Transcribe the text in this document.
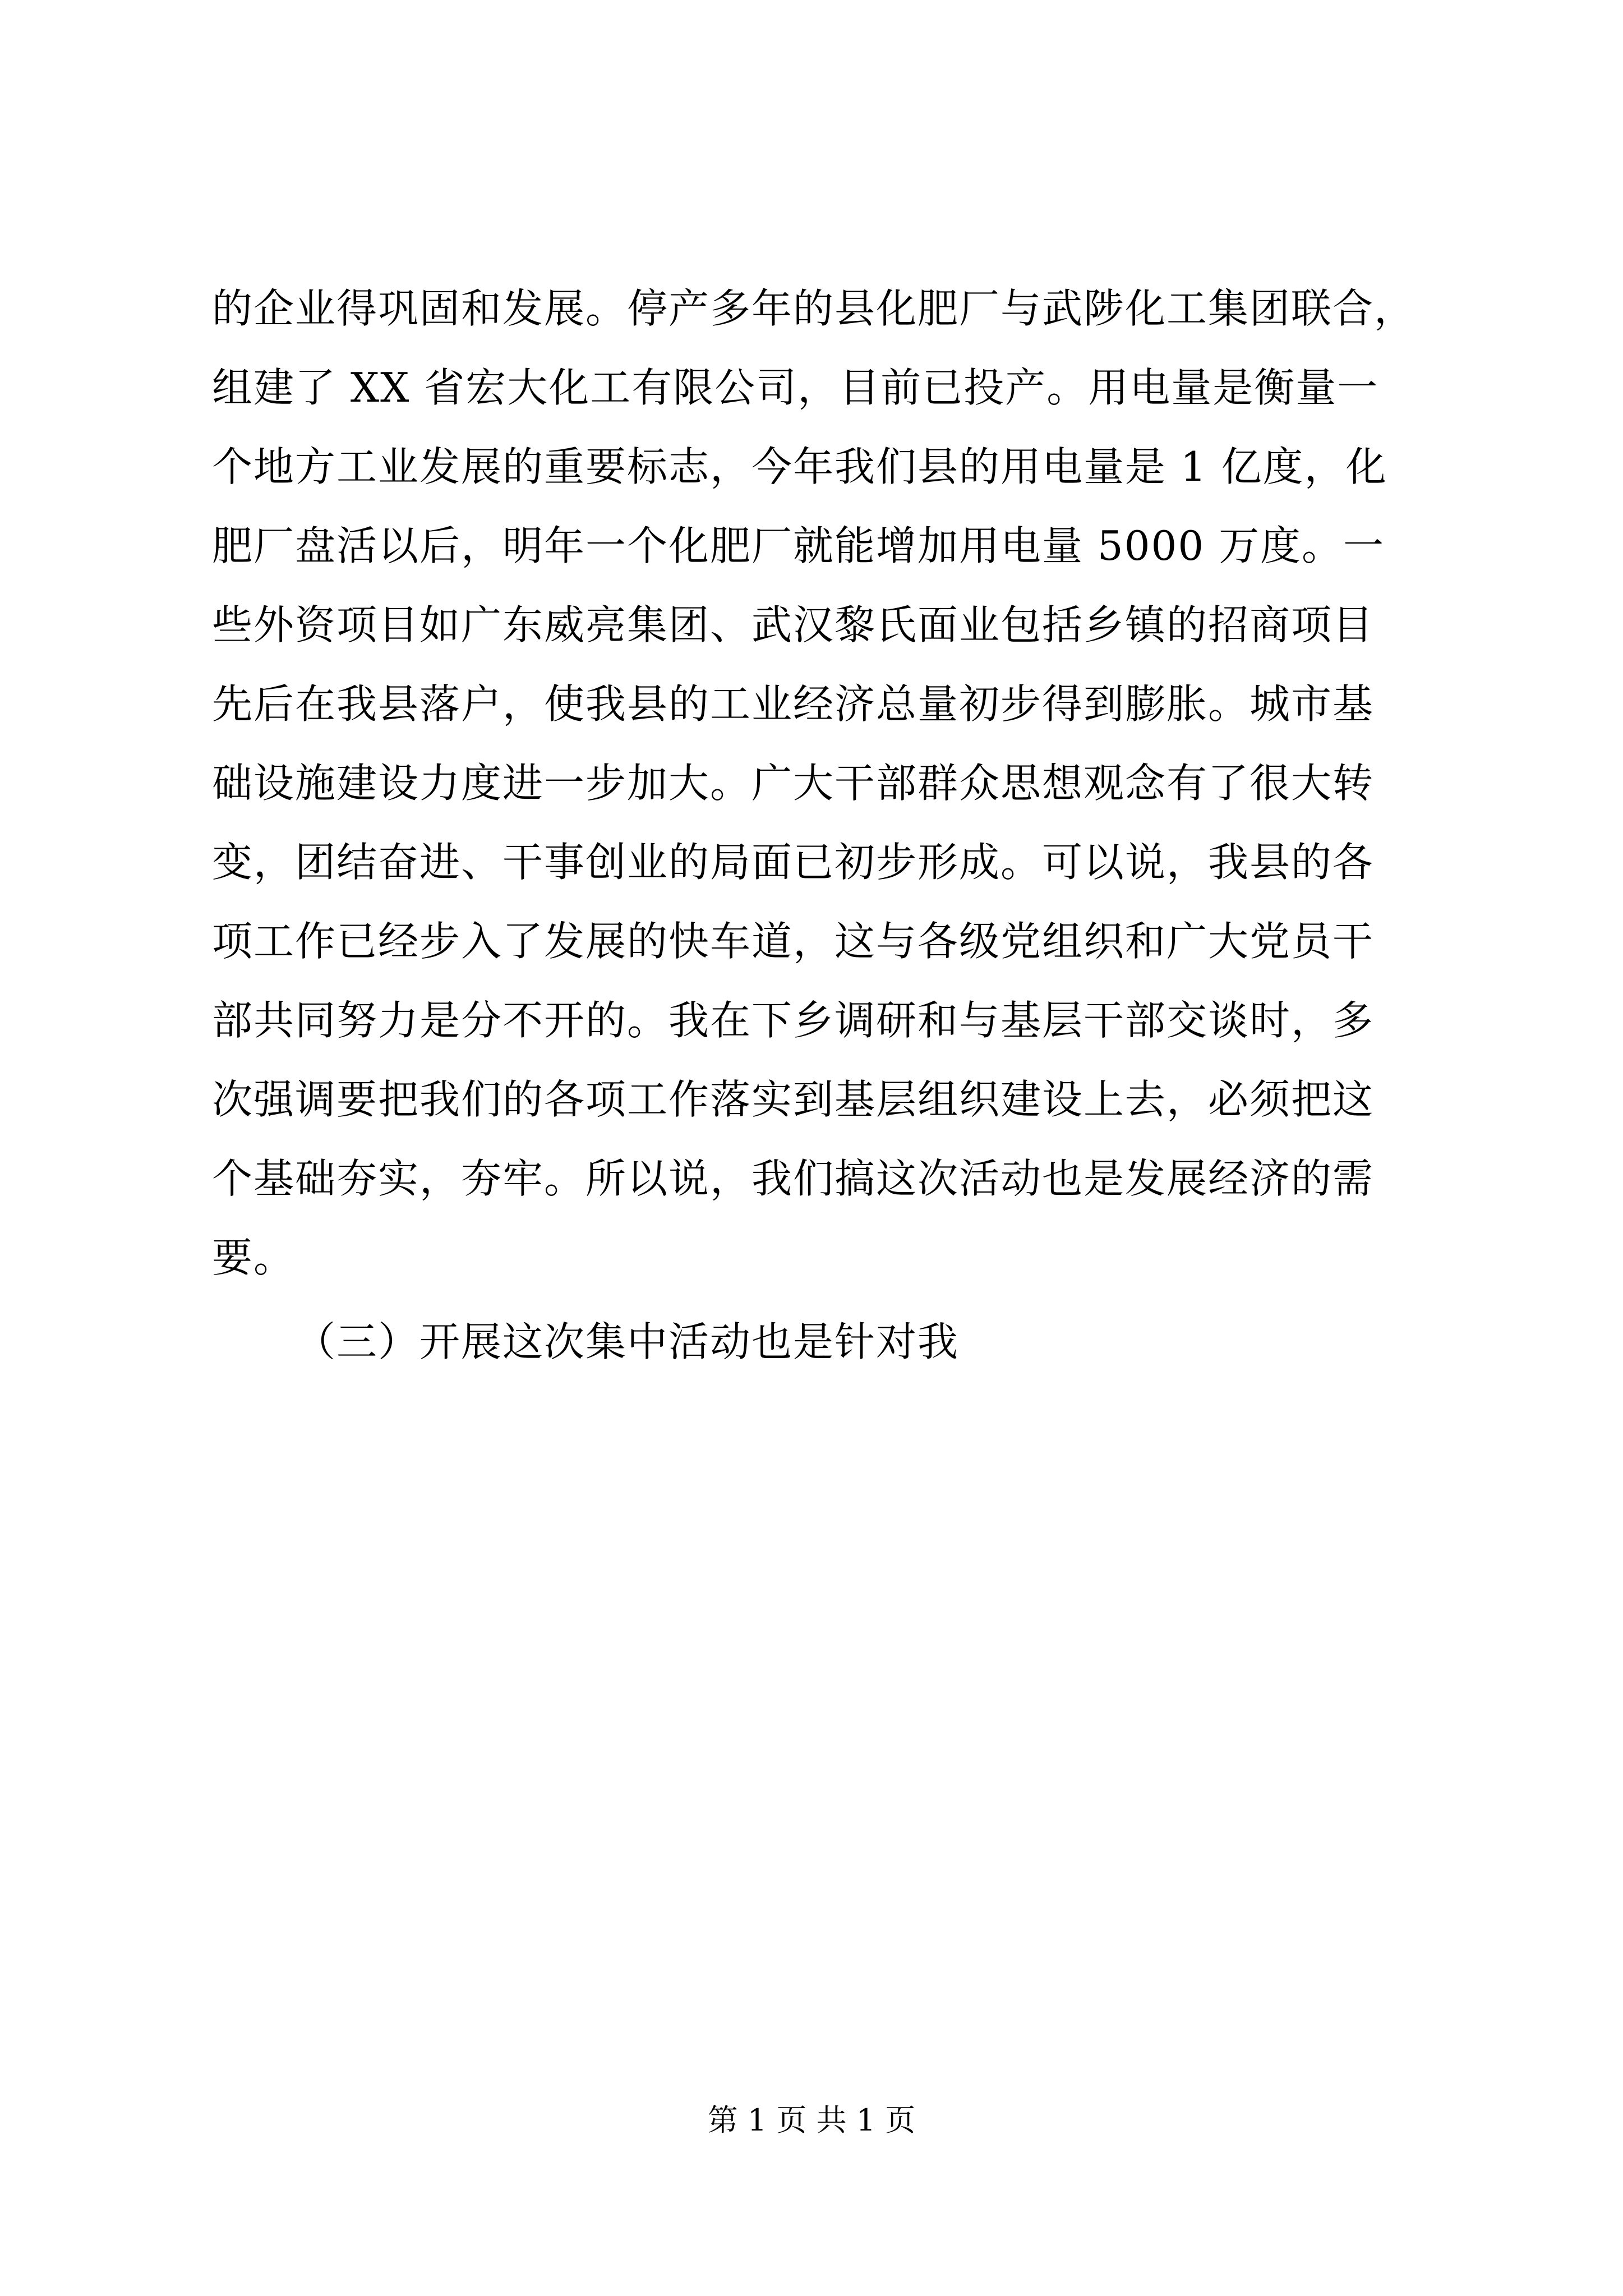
的企业得巩固和发展。停产多年的县化肥厂与武陟化工集团联合，
组建了 XX 省宏大化工有限公司，目前已投产。用电量是衡量一
个地方工业发展的重要标志，今年我们县的用电量是 1 亿度，化
肥厂盘活以后，明年一个化肥厂就能增加用电量 5000 万度。一
些外资项目如广东威亮集团、武汉黎氏面业包括乡镇的招商项目
先后在我县落户，使我县的工业经济总量初步得到膨胀。城市基
础设施建设力度进一步加大。广大干部群众思想观念有了很大转
变，团结奋进、干事创业的局面已初步形成。可以说，我县的各
项工作已经步入了发展的快车道，这与各级党组织和广大党员干
部共同努力是分不开的。我在下乡调研和与基层干部交谈时，多
次强调要把我们的各项工作落实到基层组织建设上去，必须把这
个基础夯实，夯牢。所以说，我们搞这次活动也是发展经济的需
要。
（三）开展这次集中活动也是针对我
第 1 页 共 1 页
